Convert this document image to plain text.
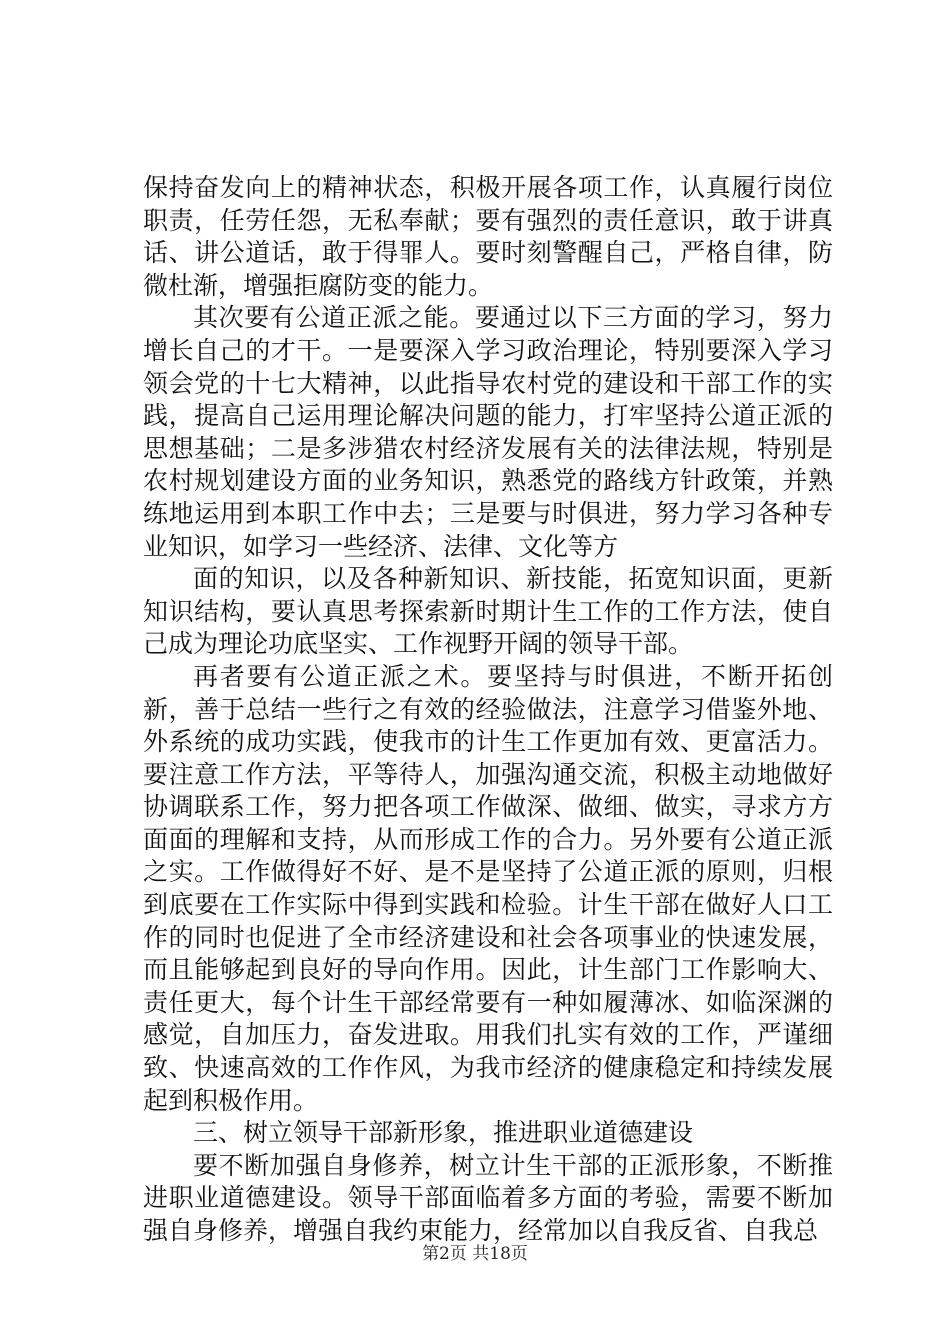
保持奋发向上的精神状态，积极开展各项工作，认真履行岗位职责，任劳任怨，无私奉献；要有强烈的责任意识，敢于讲真话、讲公道话，敢于得罪人。要时刻警醒自己，严格自律，防微杜渐，增强拒腐防变的能力。

其次要有公道正派之能。要通过以下三方面的学习，努力增长自己的才干。一是要深入学习政治理论，特别要深入学习领会党的十七大精神，以此指导农村党的建设和干部工作的实践，提高自己运用理论解决问题的能力，打牢坚持公道正派的思想基础；二是多涉猎农村经济发展有关的法律法规，特别是农村规划建设方面的业务知识，熟悉党的路线方针政策，并熟练地运用到本职工作中去；三是要与时俱进，努力学习各种专业知识，如学习一些经济、法律、文化等方

面的知识，以及各种新知识、新技能，拓宽知识面，更新知识结构，要认真思考探索新时期计生工作的工作方法，使自己成为理论功底坚实、工作视野开阔的领导干部。

再者要有公道正派之术。要坚持与时俱进，不断开拓创新，善于总结一些行之有效的经验做法，注意学习借鉴外地、外系统的成功实践，使我市的计生工作更加有效、更富活力。要注意工作方法，平等待人，加强沟通交流，积极主动地做好协调联系工作，努力把各项工作做深、做细、做实，寻求方方面面的理解和支持，从而形成工作的合力。另外要有公道正派之实。工作做得好不好、是不是坚持了公道正派的原则，归根到底要在工作实际中得到实践和检验。计生干部在做好人口工作的同时也促进了全市经济建设和社会各项事业的快速发展，而且能够起到良好的导向作用。因此，计生部门工作影响大、责任更大，每个计生干部经常要有一种如履薄冰、如临深渊的感觉，自加压力，奋发进取。用我们扎实有效的工作，严谨细致、快速高效的工作作风，为我市经济的健康稳定和持续发展起到积极作用。

三、树立领导干部新形象，推进职业道德建设

要不断加强自身修养，树立计生干部的正派形象，不断推进职业道德建设。领导干部面临着多方面的考验，需要不断加强自身修养，增强自我约束能力，经常加以自我反省、自我总

第2页 共18页
